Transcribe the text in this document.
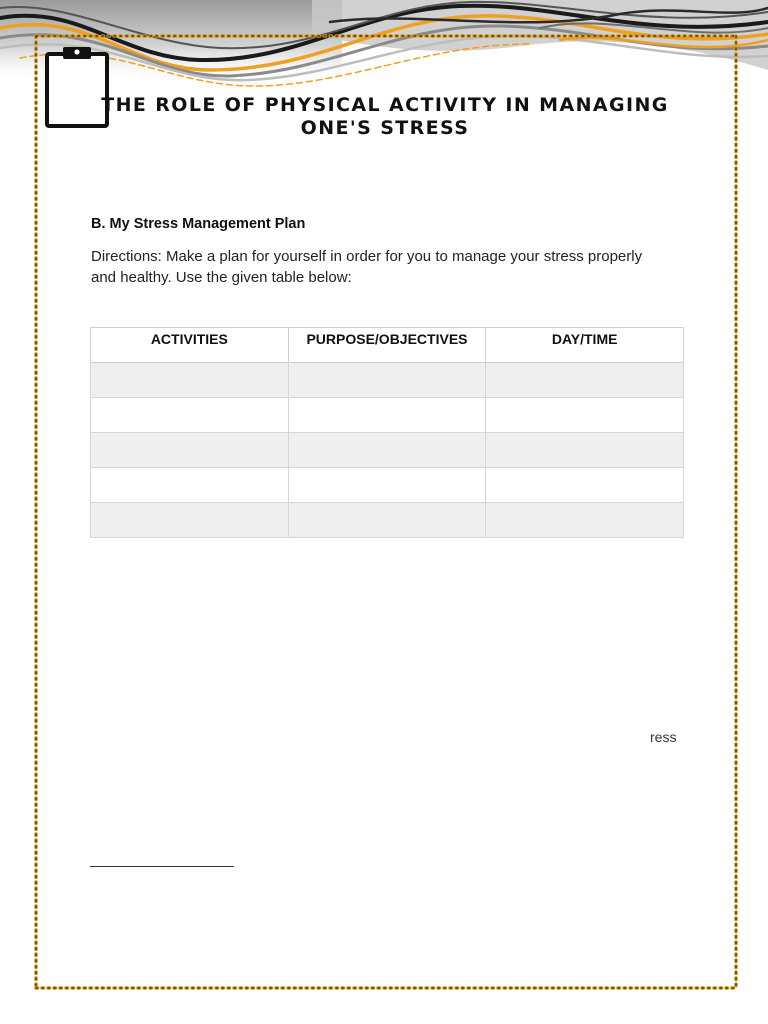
THE ROLE OF PHYSICAL ACTIVITY IN MANAGING ONE'S STRESS
B. My Stress Management Plan
Directions: Make a plan for yourself in order for you to manage your stress properly and healthy. Use the given table below:
ACTIVITIES	PURPOSE/OBJECTIVES	DAY/TIME

ress
